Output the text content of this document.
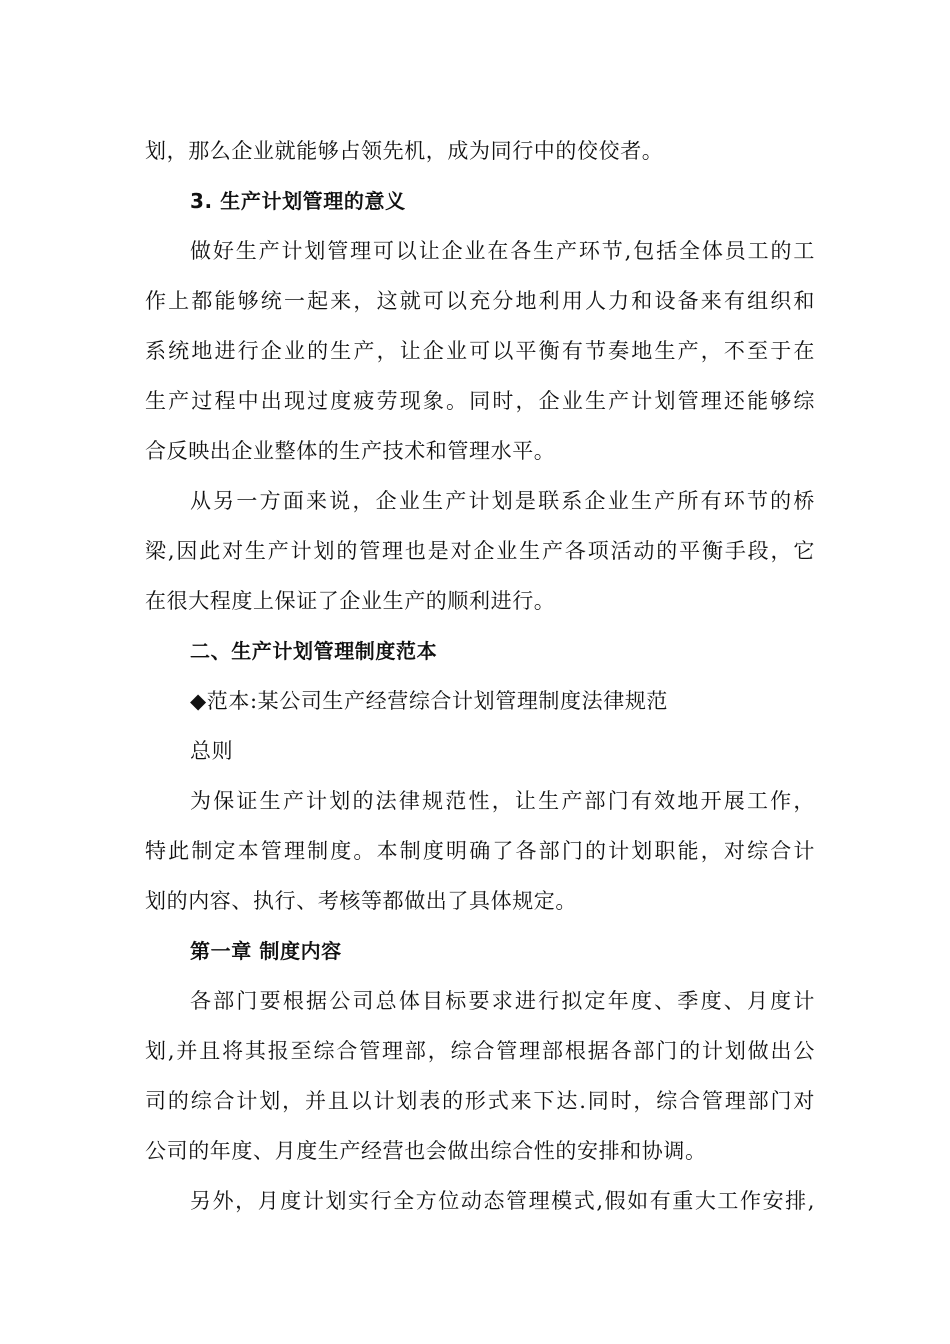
划，那么企业就能够占领先机，成为同行中的佼佼者。
3. 生产计划管理的意义
做好生产计划管理可以让企业在各生产环节,包括全体员工的工
作上都能够统一起来，这就可以充分地利用人力和设备来有组织和
系统地进行企业的生产，让企业可以平衡有节奏地生产，不至于在
生产过程中出现过度疲劳现象。同时，企业生产计划管理还能够综
合反映出企业整体的生产技术和管理水平。
从另一方面来说，企业生产计划是联系企业生产所有环节的桥
梁,因此对生产计划的管理也是对企业生产各项活动的平衡手段，它
在很大程度上保证了企业生产的顺利进行。
二、生产计划管理制度范本
◆范本:某公司生产经营综合计划管理制度法律规范
总则
为保证生产计划的法律规范性，让生产部门有效地开展工作，
特此制定本管理制度。本制度明确了各部门的计划职能，对综合计
划的内容、执行、考核等都做出了具体规定。
第一章 制度内容
各部门要根据公司总体目标要求进行拟定年度、季度、月度计
划,并且将其报至综合管理部，综合管理部根据各部门的计划做出公
司的综合计划，并且以计划表的形式来下达.同时，综合管理部门对
公司的年度、月度生产经营也会做出综合性的安排和协调。
另外，月度计划实行全方位动态管理模式,假如有重大工作安排,
